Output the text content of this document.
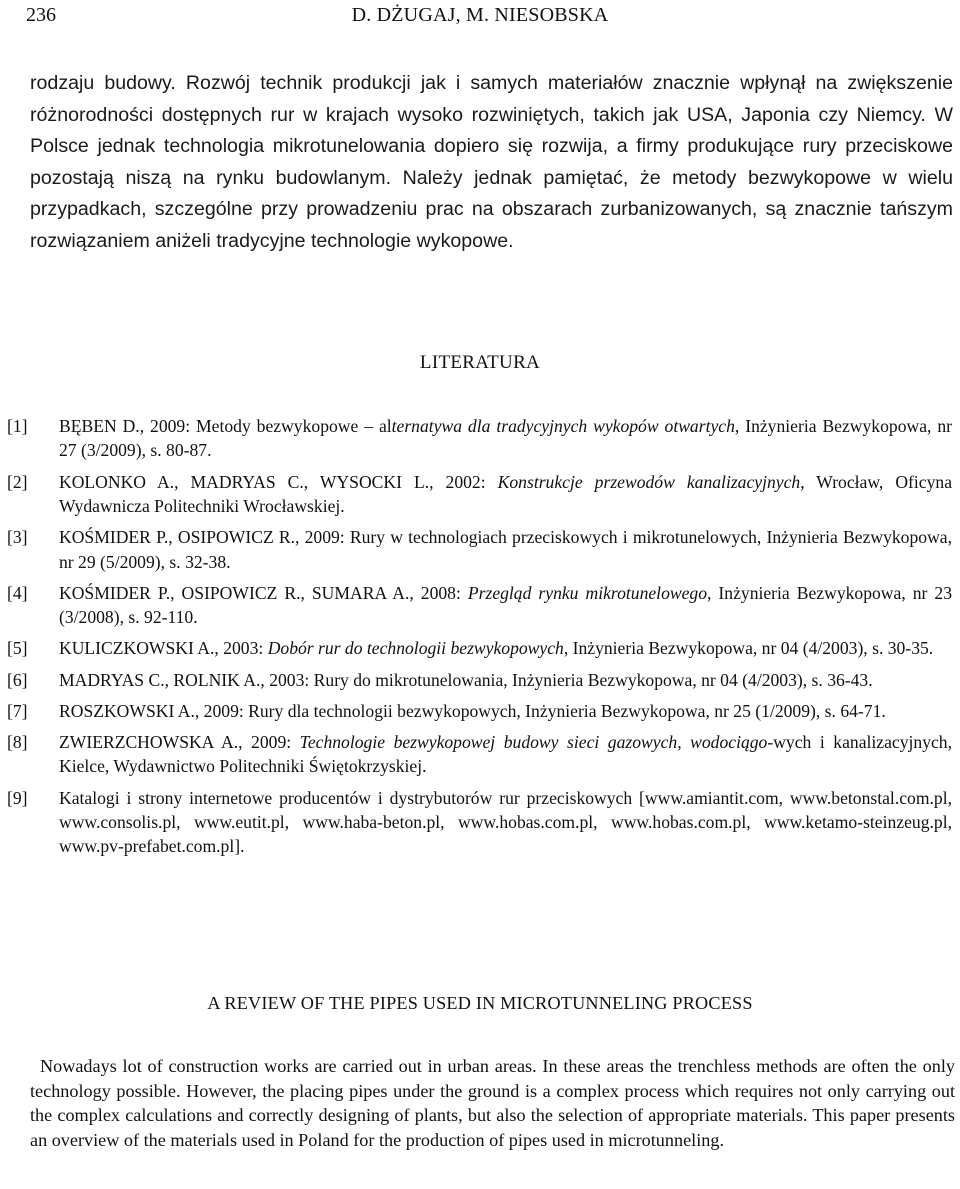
236	D. DŻUGAJ, M. NIESOBSKA

rodzaju budowy. Rozwój technik produkcji jak i samych materiałów znacznie wpłynął na zwiększenie różnorodności dostępnych rur w krajach wysoko rozwiniętych, takich jak USA, Japonia czy Niemcy. W Polsce jednak technologia mikrotunelowania dopiero się rozwija, a firmy produkujące rury przeciskowe pozostają niszą na rynku budowlanym. Należy jednak pamiętać, że metody bezwykopowe w wielu przypadkach, szczególne przy prowadzeniu prac na obszarach zurbanizowanych, są znacznie tańszym rozwiązaniem aniżeli tradycyjne technologie wykopowe.

LITERATURA
[1] BĘBEN D., 2009: Metody bezwykopowe – alternatywa dla tradycyjnych wykopów otwartych, Inżynieria Bezwykopowa, nr 27 (3/2009), s. 80-87.
[2] KOLONKO A., MADRYAS C., WYSOCKI L., 2002: Konstrukcje przewodów kanalizacyjnych, Wrocław, Oficyna Wydawnicza Politechniki Wrocławskiej.
[3] KOŚMIDER P., OSIPOWICZ R., 2009: Rury w technologiach przeciskowych i mikrotunelowych, Inżynieria Bezwykopowa, nr 29 (5/2009), s. 32-38.
[4] KOŚMIDER P., OSIPOWICZ R., SUMARA A., 2008: Przegląd rynku mikrotunelowego, Inżynieria Bezwykopowa, nr 23 (3/2008), s. 92-110.
[5] KULICZKOWSKI A., 2003: Dobór rur do technologii bezwykopowych, Inżynieria Bezwykopowa, nr 04 (4/2003), s. 30-35.
[6] MADRYAS C., ROLNIK A., 2003: Rury do mikrotunelowania, Inżynieria Bezwykopowa, nr 04 (4/2003), s. 36-43.
[7] ROSZKOWSKI A., 2009: Rury dla technologii bezwykopowych, Inżynieria Bezwykopowa, nr 25 (1/2009), s. 64-71.
[8] ZWIERZCHOWSKA A., 2009: Technologie bezwykopowej budowy sieci gazowych, wodociągo-wych i kanalizacyjnych, Kielce, Wydawnictwo Politechniki Świętokrzyskiej.
[9] Katalogi i strony internetowe producentów i dystrybutorów rur przeciskowych [www.amiantit.com, www.betonstal.com.pl, www.consolis.pl, www.eutit.pl, www.haba-beton.pl, www.hobas.com.pl, www.hobas.com.pl, www.ketamo-steinzeug.pl, www.pv-prefabet.com.pl].
A REVIEW OF THE PIPES USED IN MICROTUNNELING PROCESS

Nowadays lot of construction works are carried out in urban areas. In these areas the trenchless methods are often the only technology possible. However, the placing pipes under the ground is a complex process which requires not only carrying out the complex calculations and correctly designing of plants, but also the selection of appropriate materials. This paper presents an overview of the materials used in Poland for the production of pipes used in microtunneling.
